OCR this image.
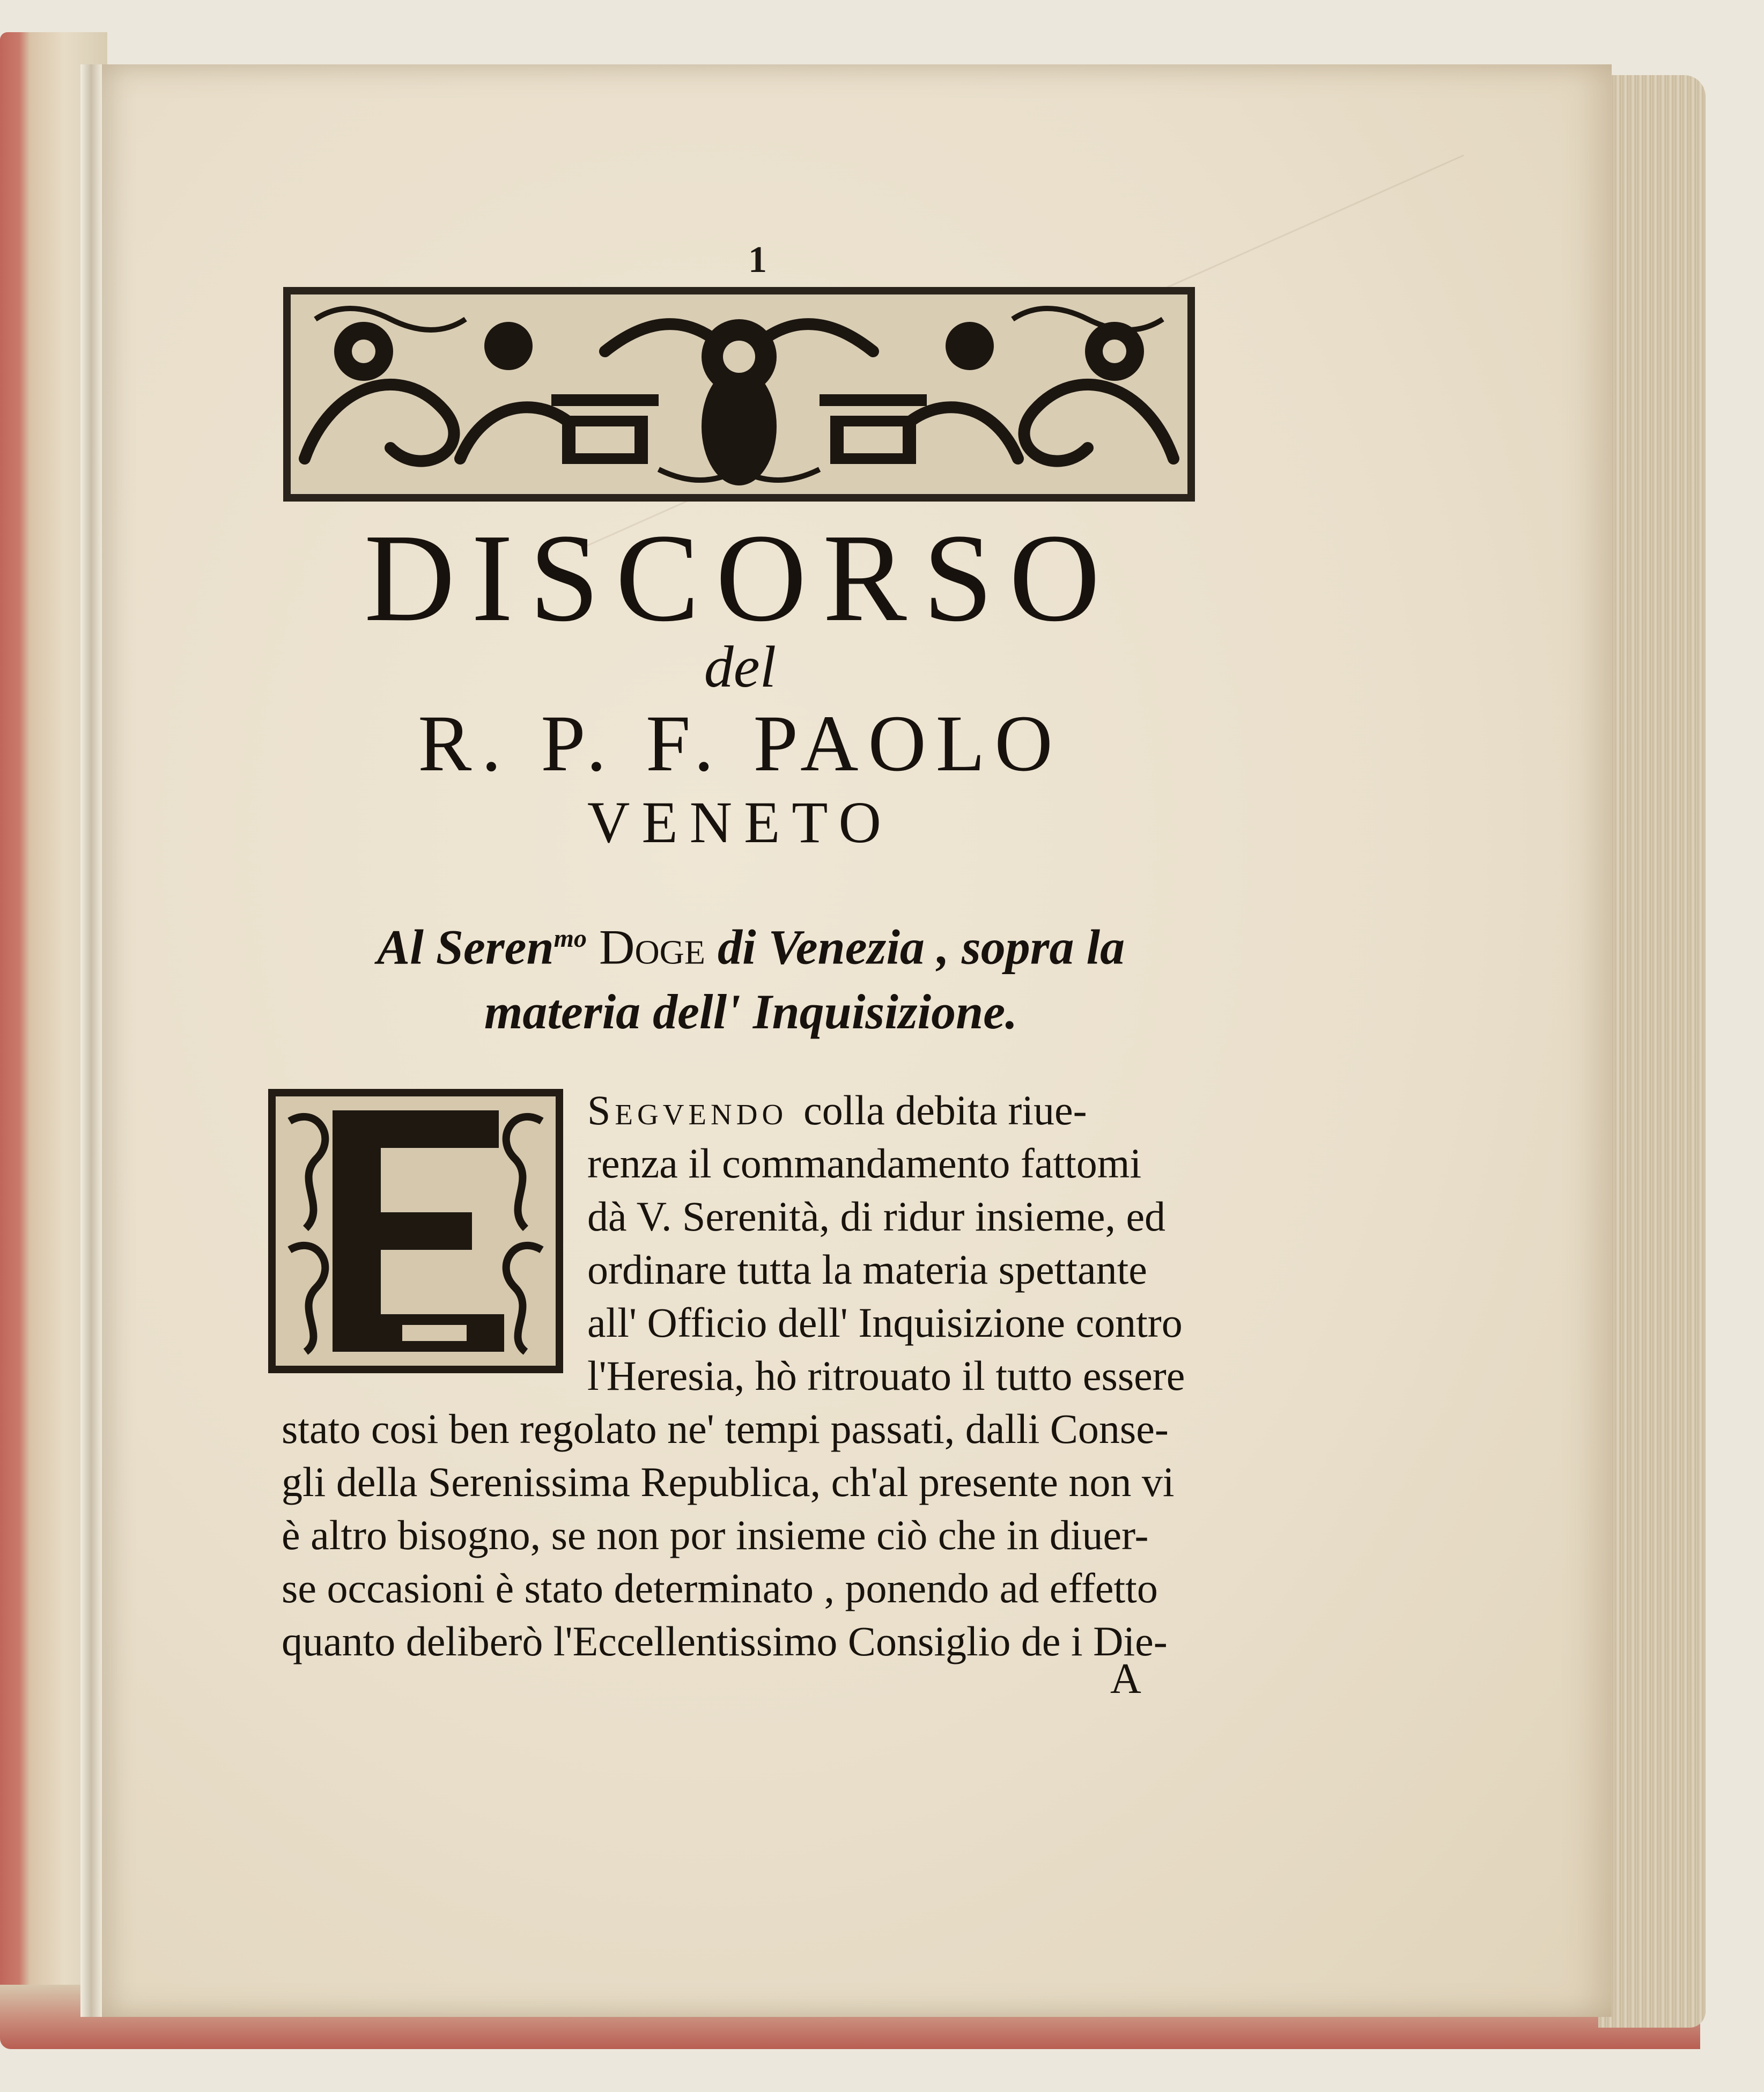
1
DISCORSO
del
R. P. F. PAOLO
VENETO
Al Seren$^{mo}$ Doge di Venezia , sopra la
materia dell' Inquisizione.
Segvendo colla debita riue-
renza il commandamento fattomi
dà V. Serenità, di ridur insieme, ed
ordinare tutta la materia spettante
all' Officio dell' Inquisizione contro
l'Heresia, hò ritrouato il tutto essere
stato cosi ben regolato ne' tempi passati, dalli Conse-
gli della Serenissima Republica, ch'al presente non vi
è altro bisogno, se non por insieme ciò che in diuer-
se occasioni è stato determinato , ponendo ad effetto
quanto deliberò l'Eccellentissimo Consiglio de i Die-
A
